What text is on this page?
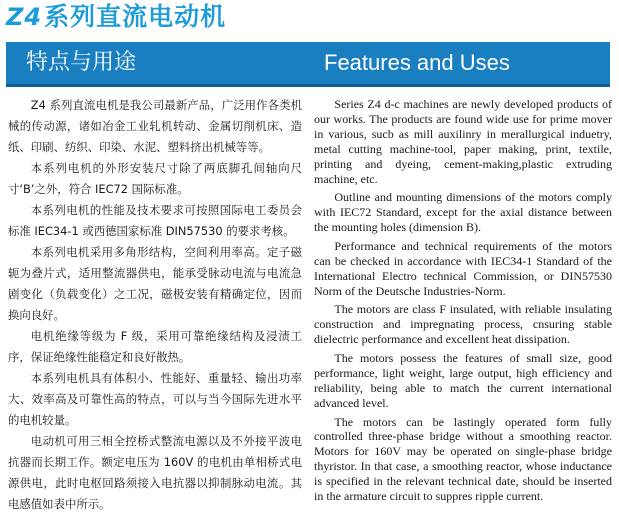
Z4系列直流电动机
特点与用途	Features and Uses

Z4 系列直流电机是我公司最新产品，广泛用作各类机械的传动源，诸如冶金工业轧机转动、金属切削机床、造纸、印刷、纺织、印染、水泥、塑料挤出机械等等。

本系列电机的外形安装尺寸除了两底脚孔间轴向尺寸‘B’之外，符合 IEC72 国际标准。

本系列电机的性能及技术要求可按照国际电工委员会标准 IEC34-1 或西德国家标准 DIN57530 的要求考核。

本系列电机采用多角形结构，空间利用率高。定子磁轭为叠片式，适用整流器供电，能承受脉动电流与电流急剧变化（负载变化）之工况，磁极安装有精确定位，因而换向良好。

电机绝缘等级为 F 级，采用可靠绝缘结构及浸渍工序，保证绝缘性能稳定和良好散热。

本系列电机具有体积小、性能好、重量轻、输出功率大、效率高及可靠性高的特点，可以与当今国际先进水平的电机较量。

电动机可用三相全控桥式整流电源以及不外接平波电抗器而长期工作。额定电压为 160V 的电机由单相桥式电源供电，此时电枢回路须接入电抗器以抑制脉动电流。其电感值如表中所示。

Series Z4 d-c machines are newly developed products of our works. The products are found wide use for prime mover in various, sucb as mill auxilinry in merallurgical induetry, metal cutting machine-tool, paper making, print, textile, printing and dyeing, cement-making,plastic extruding machine, etc.

Outline and mounting dimensions of the motors comply with IEC72 Standard, except for the axial distance between the mounting holes (dimension B).

Performance and technical requirements of the motors can be checked in accordance with IEC34-1 Standard of the International Electro technical Commission, or DIN57530 Norm of the Deutsche Industries-Norm.

The motors are class F insulated, with reliable insulating construction and impregnating process, cnsuring stable dielectric performance and excellent heat dissipation.

The motors possess the features of small size, good performance, light weight, large output, high efficiency and reliability, being able to match the current international advanced level.

The motors can be lastingly operated form fully controlled three-phase bridge without a smoothing reactor. Motors for 160V may be operated on single-phase bridge thyristor. In that case, a smoothing reactor, whose inductance is specified in the relevant technical date, should be inserted in the armature circuit to suppres ripple current.
